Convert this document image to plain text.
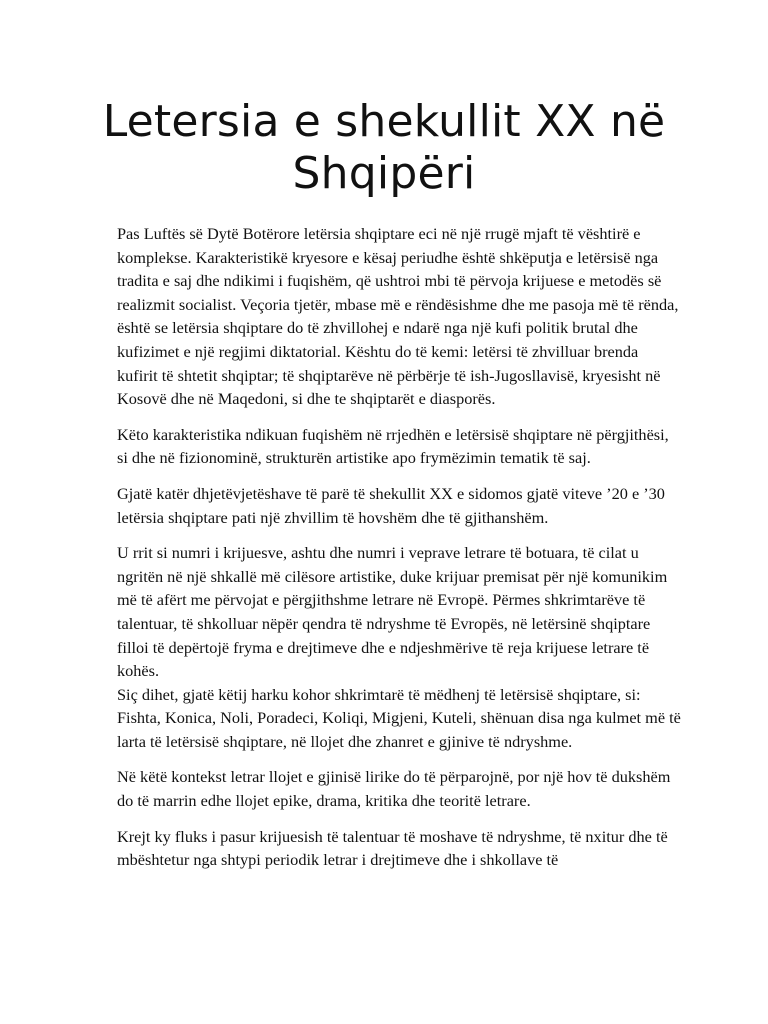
Letersia e shekullit XX në Shqipëri

Pas Luftës së Dytë Botërore letërsia shqiptare eci në një rrugë mjaft të vështirë e komplekse. Karakteristikë kryesore e kësaj periudhe është shkëputja e letërsisë nga tradita e saj dhe ndikimi i fuqishëm, që ushtroi mbi të përvoja krijuese e metodës së realizmit socialist. Veçoria tjetër, mbase më e rëndësishme dhe me pasoja më të rënda, është se letërsia shqiptare do të zhvillohej e ndarë nga një kufi politik brutal dhe kufizimet e një regjimi diktatorial. Kështu do të kemi: letërsi të zhvilluar brenda kufirit të shtetit shqiptar; të shqiptarëve në përbërje të ish-Jugosllavisë, kryesisht në Kosovë dhe në Maqedoni, si dhe te shqiptarët e diasporës.

Këto karakteristika ndikuan fuqishëm në rrjedhën e letërsisë shqiptare në përgjithësi, si dhe në fizionominë, strukturën artistike apo frymëzimin tematik të saj.

Gjatë katër dhjetëvjetëshave të parë të shekullit XX e sidomos gjatë viteve ’20 e ’30 letërsia shqiptare pati një zhvillim të hovshëm dhe të gjithanshëm.

U rrit si numri i krijuesve, ashtu dhe numri i veprave letrare të botuara, të cilat u ngritën në një shkallë më cilësore artistike, duke krijuar premisat për një komunikim më të afërt me përvojat e përgjithshme letrare në Evropë. Përmes shkrimtarëve të talentuar, të shkolluar nëpër qendra të ndryshme të Evropës, në letërsinë shqiptare filloi të depërtojë fryma e drejtimeve dhe e ndjeshmërive të reja krijuese letrare të kohës.
Siç dihet, gjatë këtij harku kohor shkrimtarë të mëdhenj të letërsisë shqiptare, si: Fishta, Konica, Noli, Poradeci, Koliqi, Migjeni, Kuteli, shënuan disa nga kulmet më të larta të letërsisë shqiptare, në llojet dhe zhanret e gjinive të ndryshme.

Në këtë kontekst letrar llojet e gjinisë lirike do të përparojnë, por një hov të dukshëm do të marrin edhe llojet epike, drama, kritika dhe teoritë letrare.

Krejt ky fluks i pasur krijuesish të talentuar të moshave të ndryshme, të nxitur dhe të mbështetur nga shtypi periodik letrar i drejtimeve dhe i shkollave të
